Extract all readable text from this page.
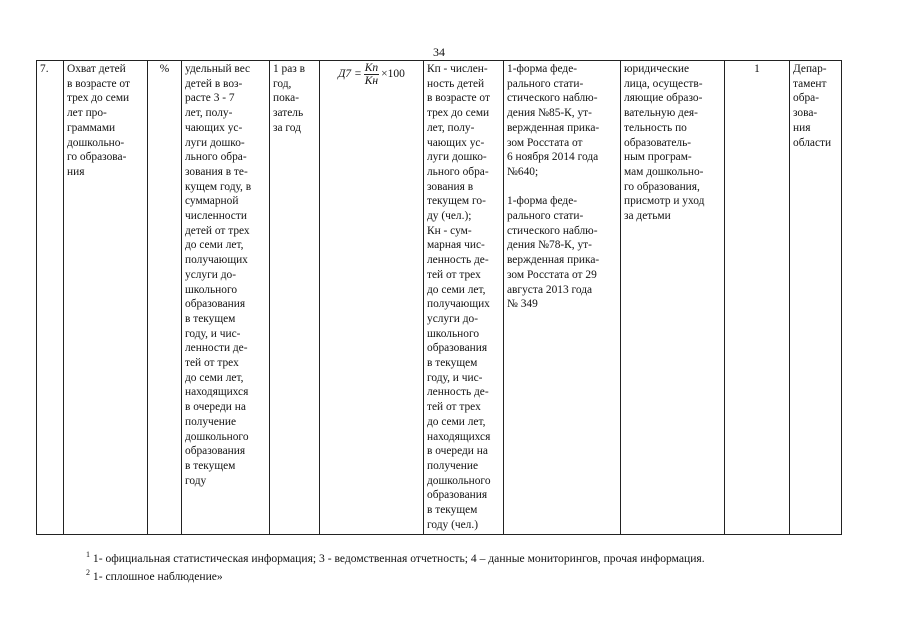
34
7.	Охват детей
в возрасте от
трех до семи
лет про-
граммами
дошкольно-
го образова-
ния	%	удельный вес
детей в воз-
расте 3 - 7
лет, полу-
чающих ус-
луги дошко-
льного обра-
зования в те-
кущем году, в
суммарной
численности
детей от трех
до семи лет,
получающих
услуги до-
школьного
образования
в текущем
году, и чис-
ленности де-
тей от трех
до семи лет,
находящихся
в очереди на
получение
дошкольного
образования
в текущем
году	1 раз в
год,
пока-
затель
за год	
$Д7 = \frac{Кп}{Кн} \times 100$	Кп - числен-
ность детей
в возрасте от
трех до семи
лет, полу-
чающих ус-
луги дошко-
льного обра-
зования в
текущем го-
ду (чел.);
Кн - сум-
марная чис-
ленность де-
тей от трех
до семи лет,
получающих
услуги до-
школьного
образования
в текущем
году, и чис-
ленность де-
тей от трех
до семи лет,
находящихся
в очереди на
получение
дошкольного
образования
в текущем
году (чел.)	1-форма феде-
рального стати-
стического наблю-
дения №85-К, ут-
вержденная прика-
зом Росстата от
6 ноября 2014 года
№640;

1-форма феде-
рального стати-
стического наблю-
дения №78-К, ут-
вержденная прика-
зом Росстата от 29
августа 2013 года
№ 349	юридические
лица, осуществ-
ляющие образо-
вательную дея-
тельность по
образователь-
ным програм-
мам дошкольно-
го образования,
присмотр и уход
за детьми	1	Депар-
тамент
обра-
зова-
ния
области
$^1$ 1- официальная статистическая информация; 3 - ведомственная отчетность; 4 – данные мониторингов, прочая информация.
$^2$ 1- сплошное наблюдение»
